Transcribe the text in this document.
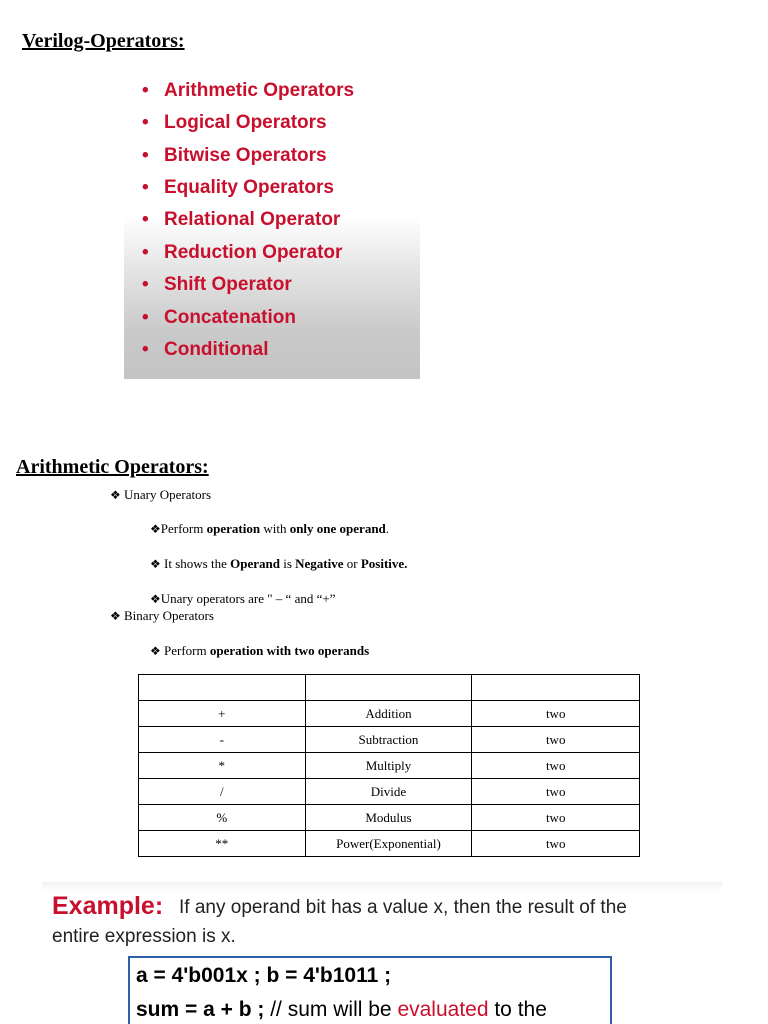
Verilog-Operators:
• Arithmetic Operators
• Logical Operators
• Bitwise Operators
• Equality Operators
• Relational Operator
• Reduction Operator
• Shift Operator
• Concatenation
• Conditional
Arithmetic Operators:
❖ Unary Operators
❖Perform operation with only one operand.
❖ It shows the Operand is Negative or Positive.
❖Unary operators are " – “ and “+”
❖ Binary Operators
❖ Perform operation with two operands

+	Addition	two
-	Subtraction	two
*	Multiply	two
/	Divide	two
%	Modulus	two
**	Power(Exponential)	two
Example: If any operand bit has a value x, then the result of the
entire expression is x.
a = 4'b001x ; b = 4'b1011 ;
sum = a + b ; // sum will be evaluated to the
